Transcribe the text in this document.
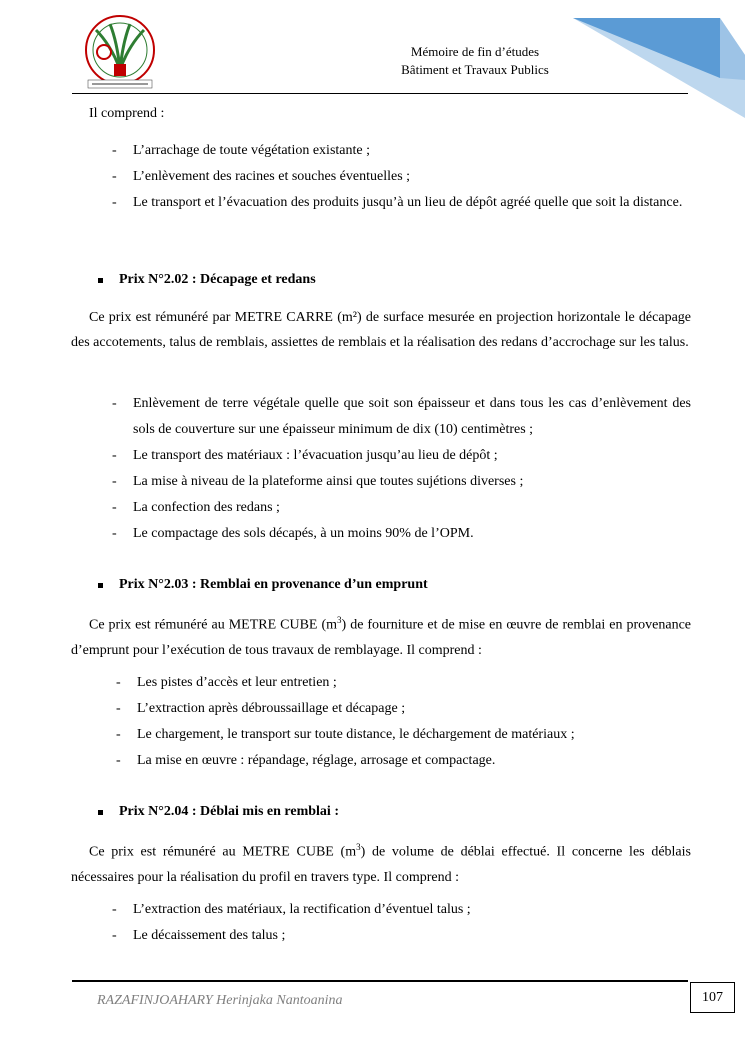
Mémoire de fin d’études
Bâtiment et Travaux Publics
Il comprend :
- L’arrachage de toute végétation existante ;
- L’enlèvement des racines et souches éventuelles ;
- Le transport et l’évacuation des produits jusqu’à un lieu de dépôt agréé quelle que soit la distance.
Prix N°2.02 : Décapage et redans
Ce prix est rémunéré par METRE CARRE (m²) de surface mesurée en projection horizontale le décapage des accotements, talus de remblais, assiettes de remblais et la réalisation des redans d’accrochage sur les talus.
- Enlèvement de terre végétale quelle que soit son épaisseur et dans tous les cas d’enlèvement des sols de couverture sur une épaisseur minimum de dix (10) centimètres ;
- Le transport des matériaux : l’évacuation jusqu’au lieu de dépôt ;
- La mise à niveau de la plateforme ainsi que toutes sujétions diverses ;
- La confection des redans ;
- Le compactage des sols décapés, à un moins 90% de l’OPM.
Prix N°2.03 : Remblai en provenance d’un emprunt
Ce prix est rémunéré au METRE CUBE $(m^3)$ de fourniture et de mise en œuvre de remblai en provenance d’emprunt pour l’exécution de tous travaux de remblayage. Il comprend :
- Les pistes d’accès et leur entretien ;
- L’extraction après débroussaillage et décapage ;
- Le chargement, le transport sur toute distance, le déchargement de matériaux ;
- La mise en œuvre : répandage, réglage, arrosage et compactage.
Prix N°2.04 : Déblai mis en remblai :
Ce prix est rémunéré au METRE CUBE $(m^3)$ de volume de déblai effectué. Il concerne les déblais nécessaires pour la réalisation du profil en travers type. Il comprend :
- L’extraction des matériaux, la rectification d’éventuel talus ;
- Le décaissement des talus ;
RAZAFINJOAHARY Herinjaka Nantoanina	107
